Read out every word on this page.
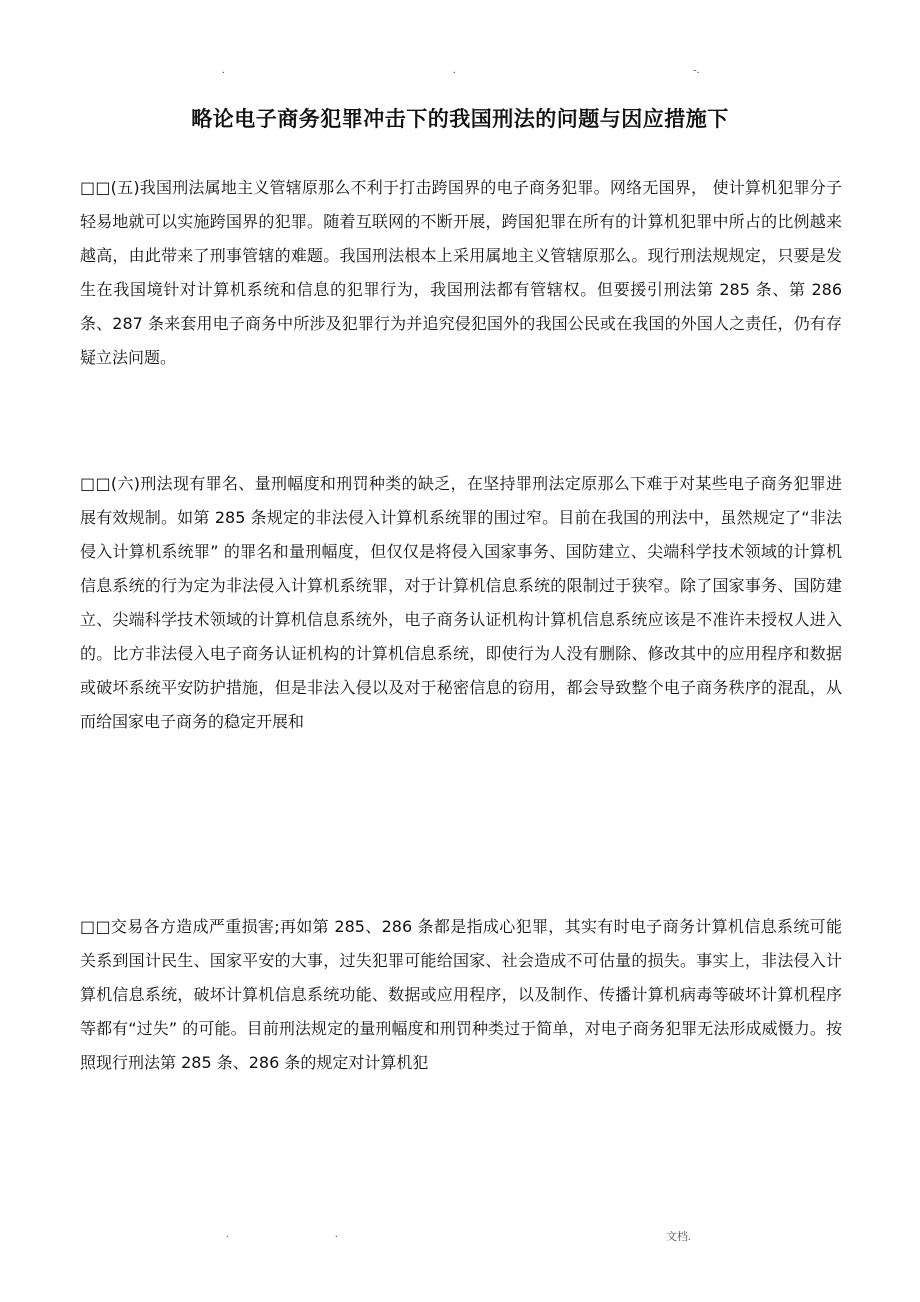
.	.	-.
略论电子商务犯罪冲击下的我国刑法的问题与因应措施下

□□(五)我国刑法属地主义管辖原那么不利于打击跨国界的电子商务犯罪。网络无国界， 使计算机犯罪分子轻易地就可以实施跨国界的犯罪。随着互联网的不断开展，跨国犯罪在所有的计算机犯罪中所占的比例越来越高，由此带来了刑事管辖的难题。我国刑法根本上采用属地主义管辖原那么。现行刑法规规定，只要是发生在我国境针对计算机系统和信息的犯罪行为，我国刑法都有管辖权。但要援引刑法第 285 条、第 286 条、287 条来套用电子商务中所涉及犯罪行为并追究侵犯国外的我国公民或在我国的外国人之责任，仍有存疑立法问题。

□□(六)刑法现有罪名、量刑幅度和刑罚种类的缺乏，在坚持罪刑法定原那么下难于对某些电子商务犯罪进展有效规制。如第 285 条规定的非法侵入计算机系统罪的围过窄。目前在我国的刑法中，虽然规定了“非法侵入计算机系统罪” 的罪名和量刑幅度，但仅仅是将侵入国家事务、国防建立、尖端科学技术领域的计算机信息系统的行为定为非法侵入计算机系统罪，对于计算机信息系统的限制过于狭窄。除了国家事务、国防建立、尖端科学技术领域的计算机信息系统外，电子商务认证机构计算机信息系统应该是不准许未授权人进入的。比方非法侵入电子商务认证机构的计算机信息系统，即使行为人没有删除、修改其中的应用程序和数据或破坏系统平安防护措施，但是非法入侵以及对于秘密信息的窃用，都会导致整个电子商务秩序的混乱，从而给国家电子商务的稳定开展和

□□交易各方造成严重损害;再如第 285、286 条都是指成心犯罪，其实有时电子商务计算机信息系统可能关系到国计民生、国家平安的大事，过失犯罪可能给国家、社会造成不可估量的损失。事实上，非法侵入计算机信息系统，破坏计算机信息系统功能、数据或应用程序，以及制作、传播计算机病毒等破坏计算机程序等都有“过失” 的可能。目前刑法规定的量刑幅度和刑罚种类过于简单，对电子商务犯罪无法形成威慑力。按照现行刑法第 285 条、286 条的规定对计算机犯

.	.	文档.
